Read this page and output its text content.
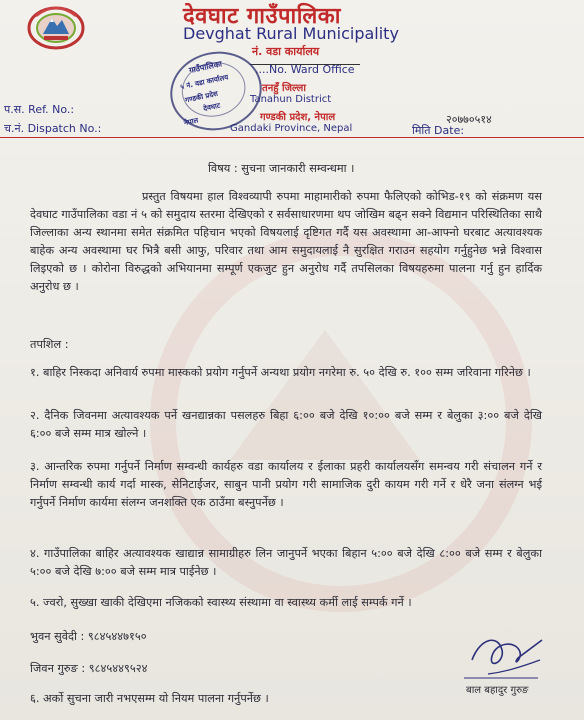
देवघाट गाउँपालिका
Devghat Rural Municipality
नं. वडा कार्यालय
....No. Ward Office
तनहुँ जिल्ला
Tanahun District
गण्डकी प्रदेश, नेपाल
Gandaki Province, Nepal
गाउँपालिका
५ नं. वडा कार्यालय
गण्डकी प्रदेश
देवघाट
नेपाल
प.स. Ref. No.:
च.नं. Dispatch No.:
२०७७०५१४
मिति Date:
विषय : सुचना जानकारी सम्वन्धमा ।
प्रस्तुत विषयमा हाल विश्वव्यापी रुपमा माहामारीको रुपमा फैलिएको कोभिड-१९ को संक्रमण यस देवघाट गाउँपालिका वडा नं ५ को समुदाय स्तरमा देखिएको र सर्वसाधारणमा थप जोखिम बढ्न सक्ने विद्यमान परिस्थितिका साथै जिल्लाका अन्य स्थानमा समेत संक्रमित पहिचान भएको विषयलाई दृष्टिगत गर्दै यस अवस्थामा आ-आफ्नो घरबाट अत्यावश्यक बाहेक अन्य अवस्थामा घर भित्रै बसी आफु, परिवार तथा आम समुदायलाई नै सुरक्षित गराउन सहयोग गर्नुहुनेछ भन्ने विश्वास लिइएको छ । कोरोना विरुद्धको अभियानमा सम्पूर्ण एकजुट हुन अनुरोध गर्दै तपसिलका विषयहरुमा पालना गर्नु हुन हार्दिक अनुरोध छ ।
तपशिल :
१. बाहिर निस्कदा अनिवार्य रुपमा मास्कको प्रयोग गर्नुपर्ने अन्यथा प्रयोग नगरेमा रु. ५० देखि रु. १०० सम्म जरिवाना गरिनेछ ।
२. दैनिक जिवनमा अत्यावश्यक पर्ने खनद्यान्नका पसलहरु बिहा ६:०० बजे देखि १०:०० बजे सम्म र बेलुका ३:०० बजे देखि ६:०० बजे सम्म मात्र खोल्ने ।
३. आन्तरिक रुपमा गर्नुपर्ने निर्माण सम्वन्धी कार्यहरु वडा कार्यालय र ईलाका प्रहरी कार्यालयसँग समन्वय गरी संचालन गर्ने र निर्माण सम्वन्धी कार्य गर्दा मास्क, सेनिटाईजर, साबुन पानी प्रयोग गरी सामाजिक दुरी कायम गरी गर्ने र धेरै जना संलग्न भई गर्नुपर्ने निर्माण कार्यमा संलग्न जनशक्ति एक ठाउँमा बस्नुपर्नेछ ।
४. गाउँपालिका बाहिर अत्यावश्यक खाद्यान्न सामाग्रीहरु लिन जानुपर्ने भएका बिहान ५:०० बजे देखि ८:०० बजे सम्म र बेलुका ५:०० बजे देखि ७:०० बजे सम्म मात्र पाईनेछ ।
५. ज्वरो, सुख्खा खाकी देखिएमा नजिकको स्वास्थ्य संस्थामा वा स्वास्थ्य कर्मी लाई सम्पर्क गर्ने ।
भुवन सुवेदी : ९८४५४४७१५०
जिवन गुरुङ : ९८४५४४९५२४
६. अर्को सुचना जारी नभएसम्म यो नियम पालना गर्नुपर्नेछ ।
बाल बहादुर गुरुङ
